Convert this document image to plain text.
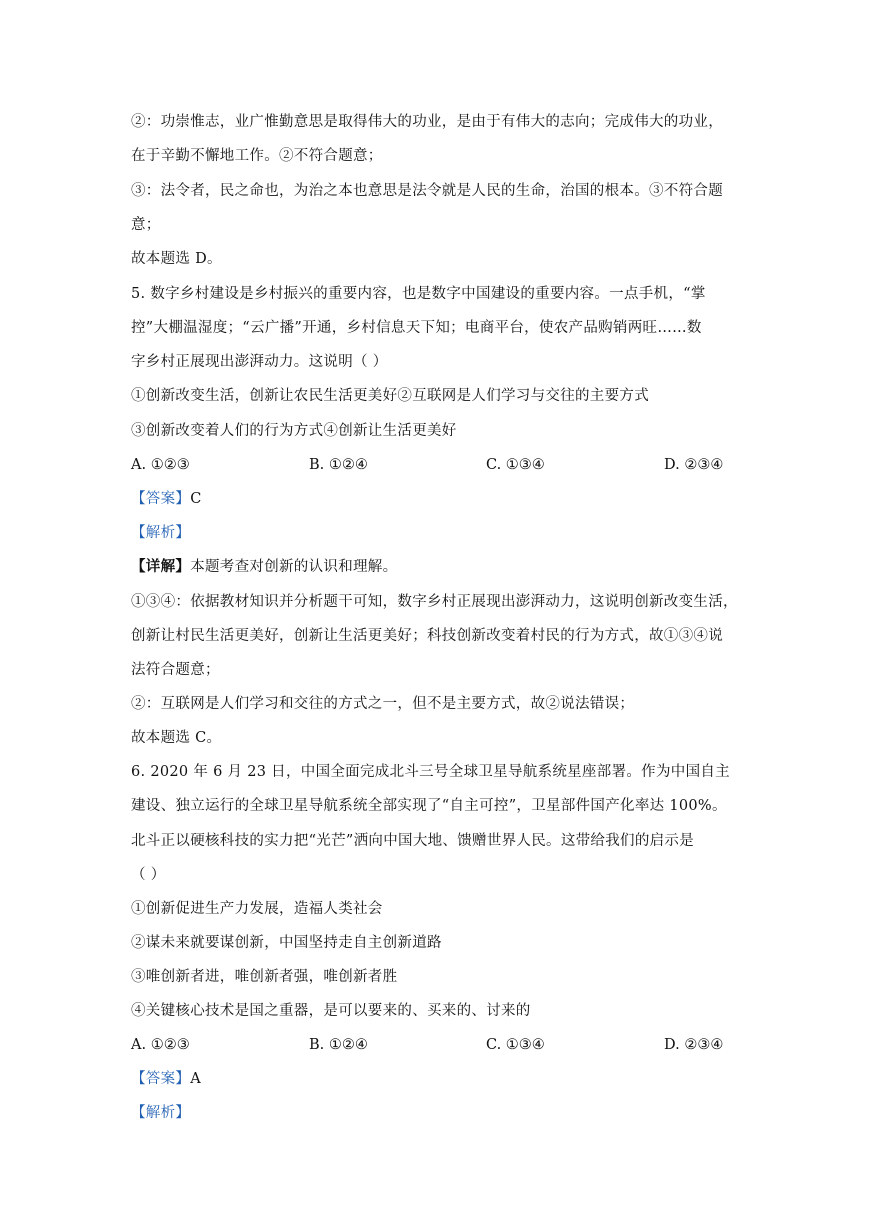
②：功崇惟志，业广惟勤意思是取得伟大的功业，是由于有伟大的志向；完成伟大的功业，
在于辛勤不懈地工作。②不符合题意；
③：法令者，民之命也，为治之本也意思是法令就是人民的生命，治国的根本。③不符合题
意；
故本题选 D。
5. 数字乡村建设是乡村振兴的重要内容，也是数字中国建设的重要内容。一点手机，“掌
控”大棚温湿度；“云广播”开通，乡村信息天下知；电商平台，使农产品购销两旺……数
字乡村正展现出澎湃动力。这说明（ ）
①创新改变生活，创新让农民生活更美好②互联网是人们学习与交往的主要方式
③创新改变着人们的行为方式④创新让生活更美好
A. ①②③	B. ①②④	C. ①③④	D. ②③④
【答案】C
【解析】
【详解】本题考查对创新的认识和理解。
①③④：依据教材知识并分析题干可知，数字乡村正展现出澎湃动力，这说明创新改变生活，
创新让村民生活更美好，创新让生活更美好；科技创新改变着村民的行为方式，故①③④说
法符合题意；
②：互联网是人们学习和交往的方式之一，但不是主要方式，故②说法错误；
故本题选 C。
6. 2020 年 6 月 23 日，中国全面完成北斗三号全球卫星导航系统星座部署。作为中国自主
建设、独立运行的全球卫星导航系统全部实现了“自主可控”，卫星部件国产化率达 100%。
北斗正以硬核科技的实力把“光芒”洒向中国大地、馈赠世界人民。这带给我们的启示是
（ ）
①创新促进生产力发展，造福人类社会
②谋未来就要谋创新，中国坚持走自主创新道路
③唯创新者进，唯创新者强，唯创新者胜
④关键核心技术是国之重器，是可以要来的、买来的、讨来的
A. ①②③	B. ①②④	C. ①③④	D. ②③④
【答案】A
【解析】
